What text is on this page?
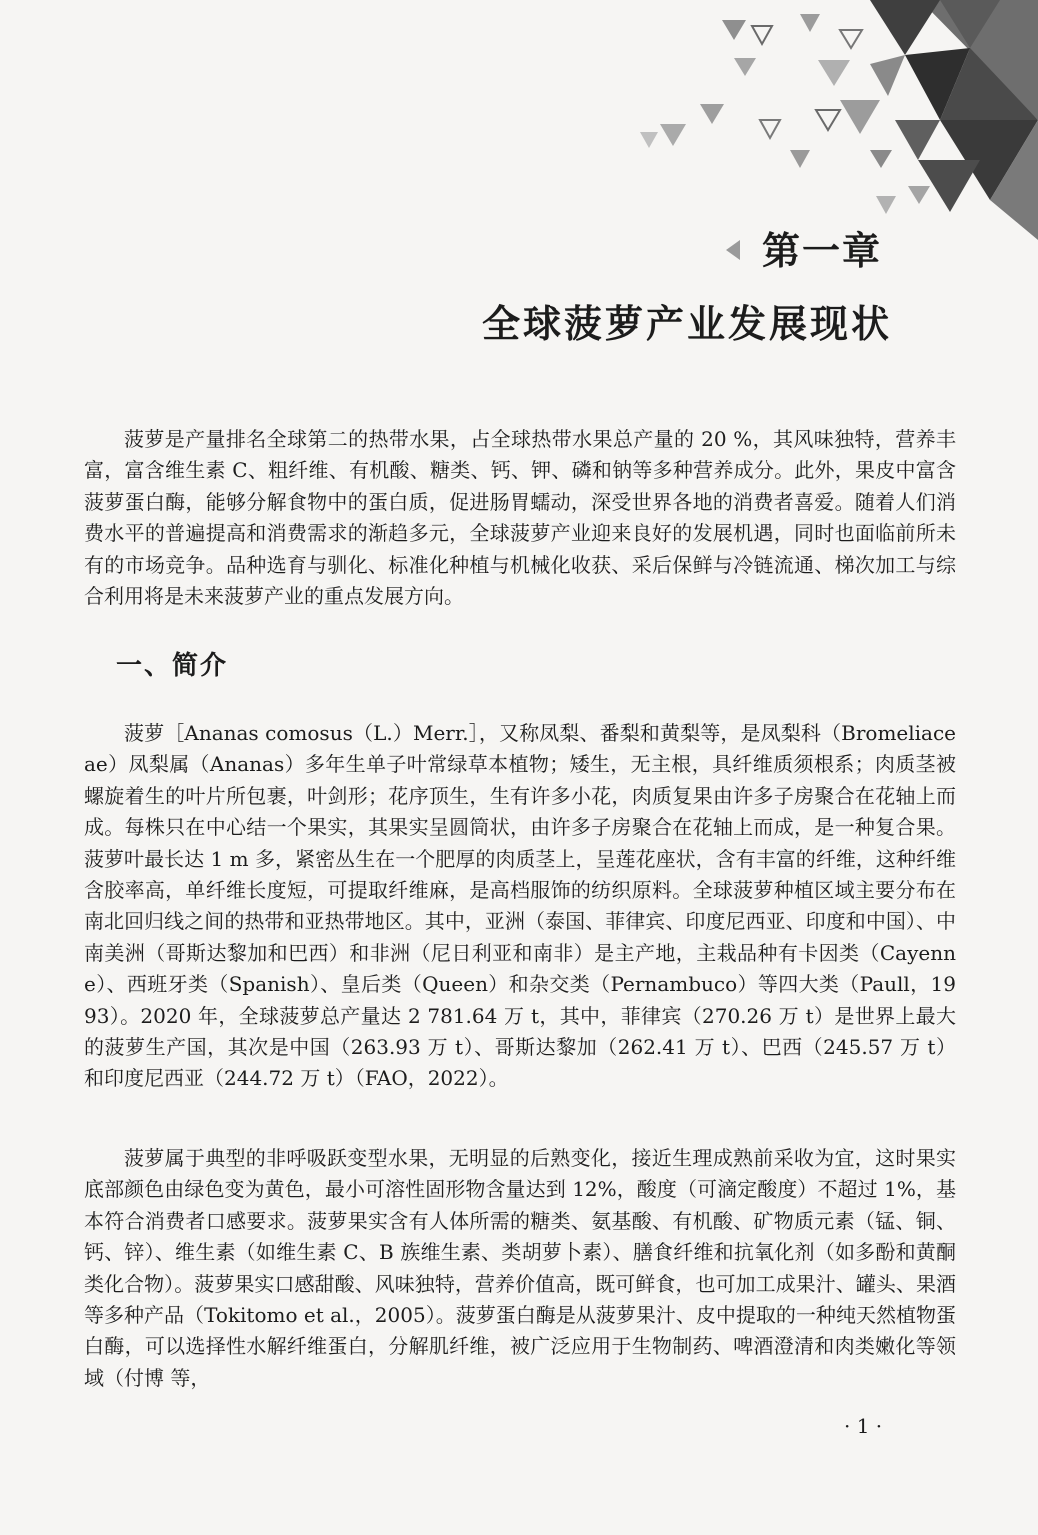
第一章
全球菠萝产业发展现状

菠萝是产量排名全球第二的热带水果，占全球热带水果总产量的 20 %，其风味独特，营养丰富，富含维生素 C、粗纤维、有机酸、糖类、钙、钾、磷和钠等多种营养成分。此外，果皮中富含菠萝蛋白酶，能够分解食物中的蛋白质，促进肠胃蠕动，深受世界各地的消费者喜爱。随着人们消费水平的普遍提高和消费需求的渐趋多元，全球菠萝产业迎来良好的发展机遇，同时也面临前所未有的市场竞争。品种选育与驯化、标准化种植与机械化收获、采后保鲜与冷链流通、梯次加工与综合利用将是未来菠萝产业的重点发展方向。

一、简介

菠萝［Ananas comosus（L.）Merr.］，又称凤梨、番梨和黄梨等，是凤梨科（Bromeliaceae）凤梨属（Ananas）多年生单子叶常绿草本植物；矮生，无主根，具纤维质须根系；肉质茎被螺旋着生的叶片所包裹，叶剑形；花序顶生，生有许多小花，肉质复果由许多子房聚合在花轴上而成。每株只在中心结一个果实，其果实呈圆筒状，由许多子房聚合在花轴上而成，是一种复合果。菠萝叶最长达 1 m 多，紧密丛生在一个肥厚的肉质茎上，呈莲花座状，含有丰富的纤维，这种纤维含胶率高，单纤维长度短，可提取纤维麻，是高档服饰的纺织原料。全球菠萝种植区域主要分布在南北回归线之间的热带和亚热带地区。其中，亚洲（泰国、菲律宾、印度尼西亚、印度和中国）、中南美洲（哥斯达黎加和巴西）和非洲（尼日利亚和南非）是主产地，主栽品种有卡因类（Cayenne）、西班牙类（Spanish）、皇后类（Queen）和杂交类（Pernambuco）等四大类（Paull，1993）。2020 年，全球菠萝总产量达 2 781.64 万 t，其中，菲律宾（270.26 万 t）是世界上最大的菠萝生产国，其次是中国（263.93 万 t）、哥斯达黎加（262.41 万 t）、巴西（245.57 万 t）和印度尼西亚（244.72 万 t）（FAO，2022）。

菠萝属于典型的非呼吸跃变型水果，无明显的后熟变化，接近生理成熟前采收为宜，这时果实底部颜色由绿色变为黄色，最小可溶性固形物含量达到 12%，酸度（可滴定酸度）不超过 1%，基本符合消费者口感要求。菠萝果实含有人体所需的糖类、氨基酸、有机酸、矿物质元素（锰、铜、钙、锌）、维生素（如维生素 C、B 族维生素、类胡萝卜素）、膳食纤维和抗氧化剂（如多酚和黄酮类化合物）。菠萝果实口感甜酸、风味独特，营养价值高，既可鲜食，也可加工成果汁、罐头、果酒等多种产品（Tokitomo et al.，2005）。菠萝蛋白酶是从菠萝果汁、皮中提取的一种纯天然植物蛋白酶，可以选择性水解纤维蛋白，分解肌纤维，被广泛应用于生物制药、啤酒澄清和肉类嫩化等领域（付博 等，

· 1 ·
